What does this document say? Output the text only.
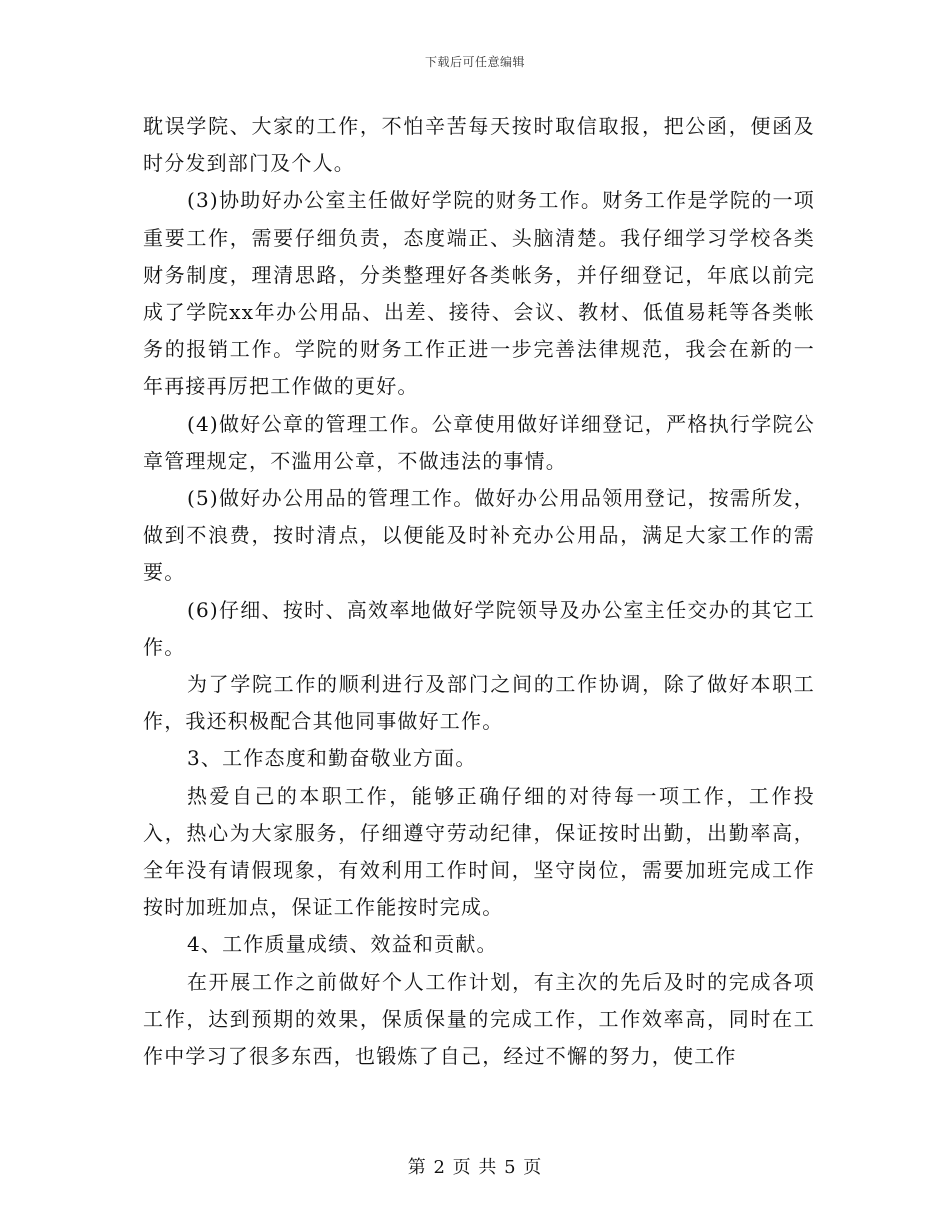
下载后可任意编辑

耽误学院、大家的工作，不怕辛苦每天按时取信取报，把公函，便函及时分发到部门及个人。

(3)协助好办公室主任做好学院的财务工作。财务工作是学院的一项重要工作，需要仔细负责，态度端正、头脑清楚。我仔细学习学校各类财务制度，理清思路，分类整理好各类帐务，并仔细登记，年底以前完成了学院xx年办公用品、出差、接待、会议、教材、低值易耗等各类帐务的报销工作。学院的财务工作正进一步完善法律规范，我会在新的一年再接再厉把工作做的更好。

(4)做好公章的管理工作。公章使用做好详细登记，严格执行学院公章管理规定，不滥用公章，不做违法的事情。

(5)做好办公用品的管理工作。做好办公用品领用登记，按需所发，做到不浪费，按时清点，以便能及时补充办公用品，满足大家工作的需要。

(6)仔细、按时、高效率地做好学院领导及办公室主任交办的其它工作。

为了学院工作的顺利进行及部门之间的工作协调，除了做好本职工作，我还积极配合其他同事做好工作。

3、工作态度和勤奋敬业方面。

热爱自己的本职工作，能够正确仔细的对待每一项工作，工作投入，热心为大家服务，仔细遵守劳动纪律，保证按时出勤，出勤率高，全年没有请假现象，有效利用工作时间，坚守岗位，需要加班完成工作按时加班加点，保证工作能按时完成。

4、工作质量成绩、效益和贡献。

在开展工作之前做好个人工作计划，有主次的先后及时的完成各项工作，达到预期的效果，保质保量的完成工作，工作效率高，同时在工作中学习了很多东西，也锻炼了自己，经过不懈的努力，使工作

第 2 页 共 5 页
